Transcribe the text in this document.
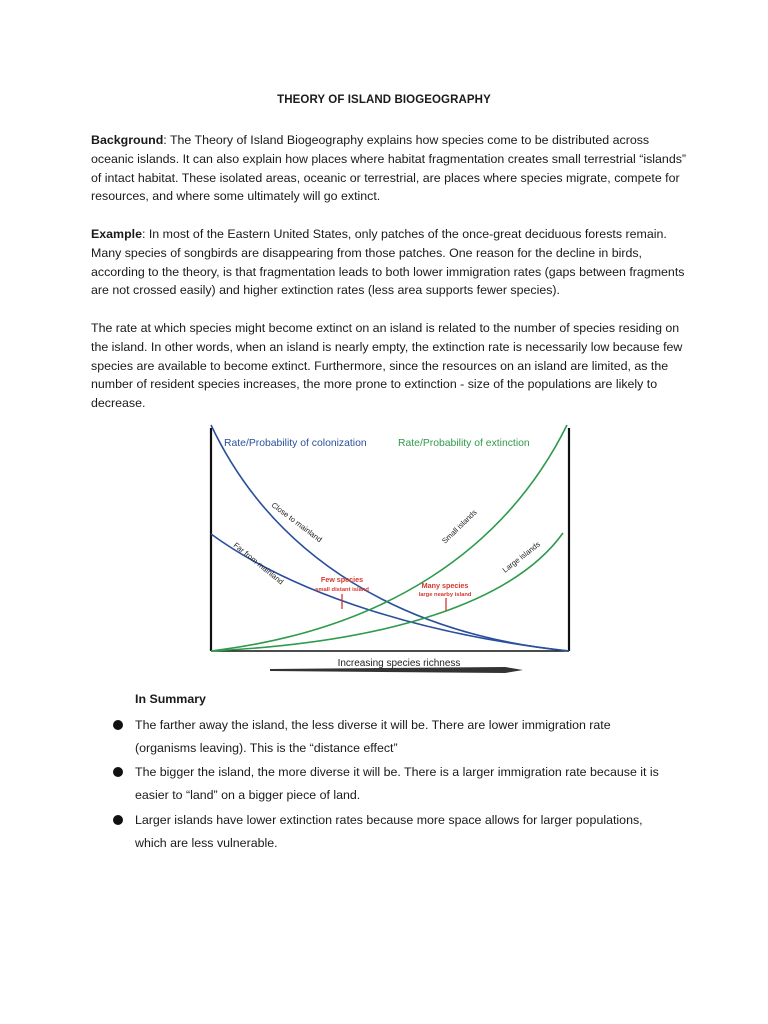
THEORY OF ISLAND BIOGEOGRAPHY

Background: The Theory of Island Biogeography explains how species come to be distributed across oceanic islands. It can also explain how places where habitat fragmentation creates small terrestrial “islands” of intact habitat. These isolated areas, oceanic or terrestrial, are places where species migrate, compete for resources, and where some ultimately will go extinct.

Example: In most of the Eastern United States, only patches of the once-great deciduous forests remain. Many species of songbirds are disappearing from those patches. One reason for the decline in birds, according to the theory, is that fragmentation leads to both lower immigration rates (gaps between fragments are not crossed easily) and higher extinction rates (less area supports fewer species).

The rate at which species might become extinct on an island is related to the number of species residing on the island. In other words, when an island is nearly empty, the extinction rate is necessarily low because few species are available to become extinct. Furthermore, since the resources on an island are limited, as the number of resident species increases, the more prone to extinction - size of the populations are likely to decrease.

Rate/Probability of colonization	Rate/Probability of extinction
Close to mainland
Far from mainland
Small islands
Large islands
Few species
small distant island	Many species
large nearby island
Increasing species richness
In Summary
The farther away the island, the less diverse it will be. There are lower immigration rate (organisms leaving). This is the “distance effect”
The bigger the island, the more diverse it will be. There is a larger immigration rate because it is easier to “land” on a bigger piece of land.
Larger islands have lower extinction rates because more space allows for larger populations, which are less vulnerable.
